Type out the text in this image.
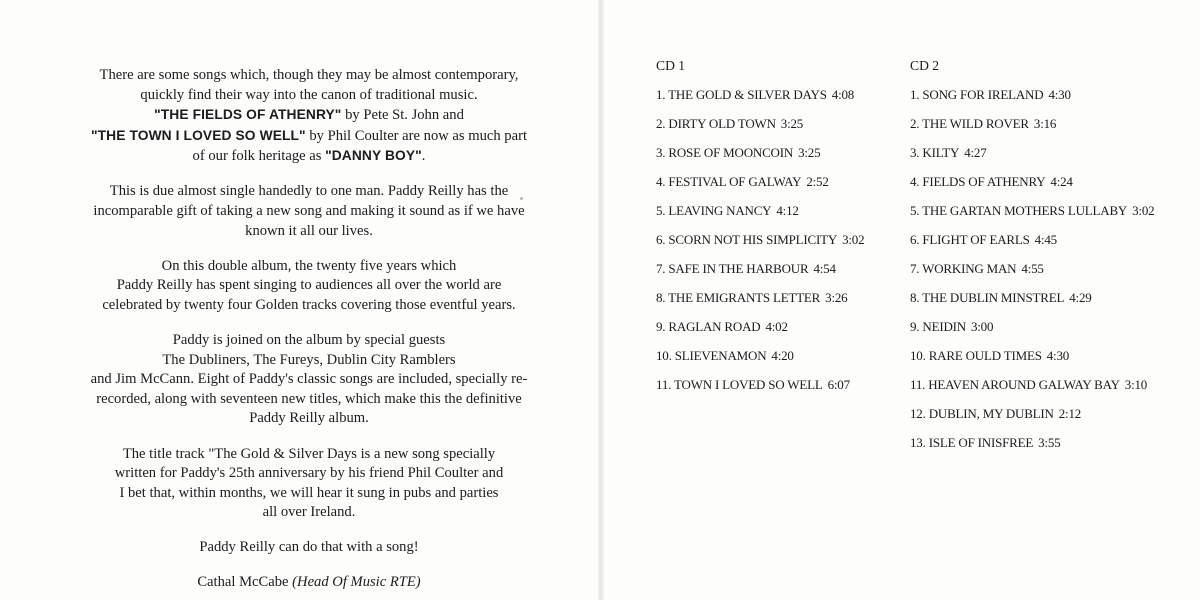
There are some songs which, though they may be almost contemporary,
quickly find their way into the canon of traditional music.
"THE FIELDS OF ATHENRY" by Pete St. John and
"THE TOWN I LOVED SO WELL" by Phil Coulter are now as much part
of our folk heritage as "DANNY BOY".

This is due almost single handedly to one man. Paddy Reilly has the
incomparable gift of taking a new song and making it sound as if we have
known it all our lives.

On this double album, the twenty five years which
Paddy Reilly has spent singing to audiences all over the world are
celebrated by twenty four Golden tracks covering those eventful years.

Paddy is joined on the album by special guests
The Dubliners, The Fureys, Dublin City Ramblers
and Jim McCann. Eight of Paddy's classic songs are included, specially re-
recorded, along with seventeen new titles, which make this the definitive
Paddy Reilly album.

The title track "The Gold & Silver Days is a new song specially
written for Paddy's 25th anniversary by his friend Phil Coulter and
I bet that, within months, we will hear it sung in pubs and parties
all over Ireland.

Paddy Reilly can do that with a song!

Cathal McCabe (Head Of Music RTE)

CD 1
1. THE GOLD & SILVER DAYS 4:08
2. DIRTY OLD TOWN 3:25
3. ROSE OF MOONCOIN 3:25
4. FESTIVAL OF GALWAY 2:52
5. LEAVING NANCY 4:12
6. SCORN NOT HIS SIMPLICITY 3:02
7. SAFE IN THE HARBOUR 4:54
8. THE EMIGRANTS LETTER 3:26
9. RAGLAN ROAD 4:02
10. SLIEVENAMON 4:20
11. TOWN I LOVED SO WELL 6:07
CD 2
1. SONG FOR IRELAND 4:30
2. THE WILD ROVER 3:16
3. KILTY 4:27
4. FIELDS OF ATHENRY 4:24
5. THE GARTAN MOTHERS LULLABY 3:02
6. FLIGHT OF EARLS 4:45
7. WORKING MAN 4:55
8. THE DUBLIN MINSTREL 4:29
9. NEIDIN 3:00
10. RARE OULD TIMES 4:30
11. HEAVEN AROUND GALWAY BAY 3:10
12. DUBLIN, MY DUBLIN 2:12
13. ISLE OF INISFREE 3:55
